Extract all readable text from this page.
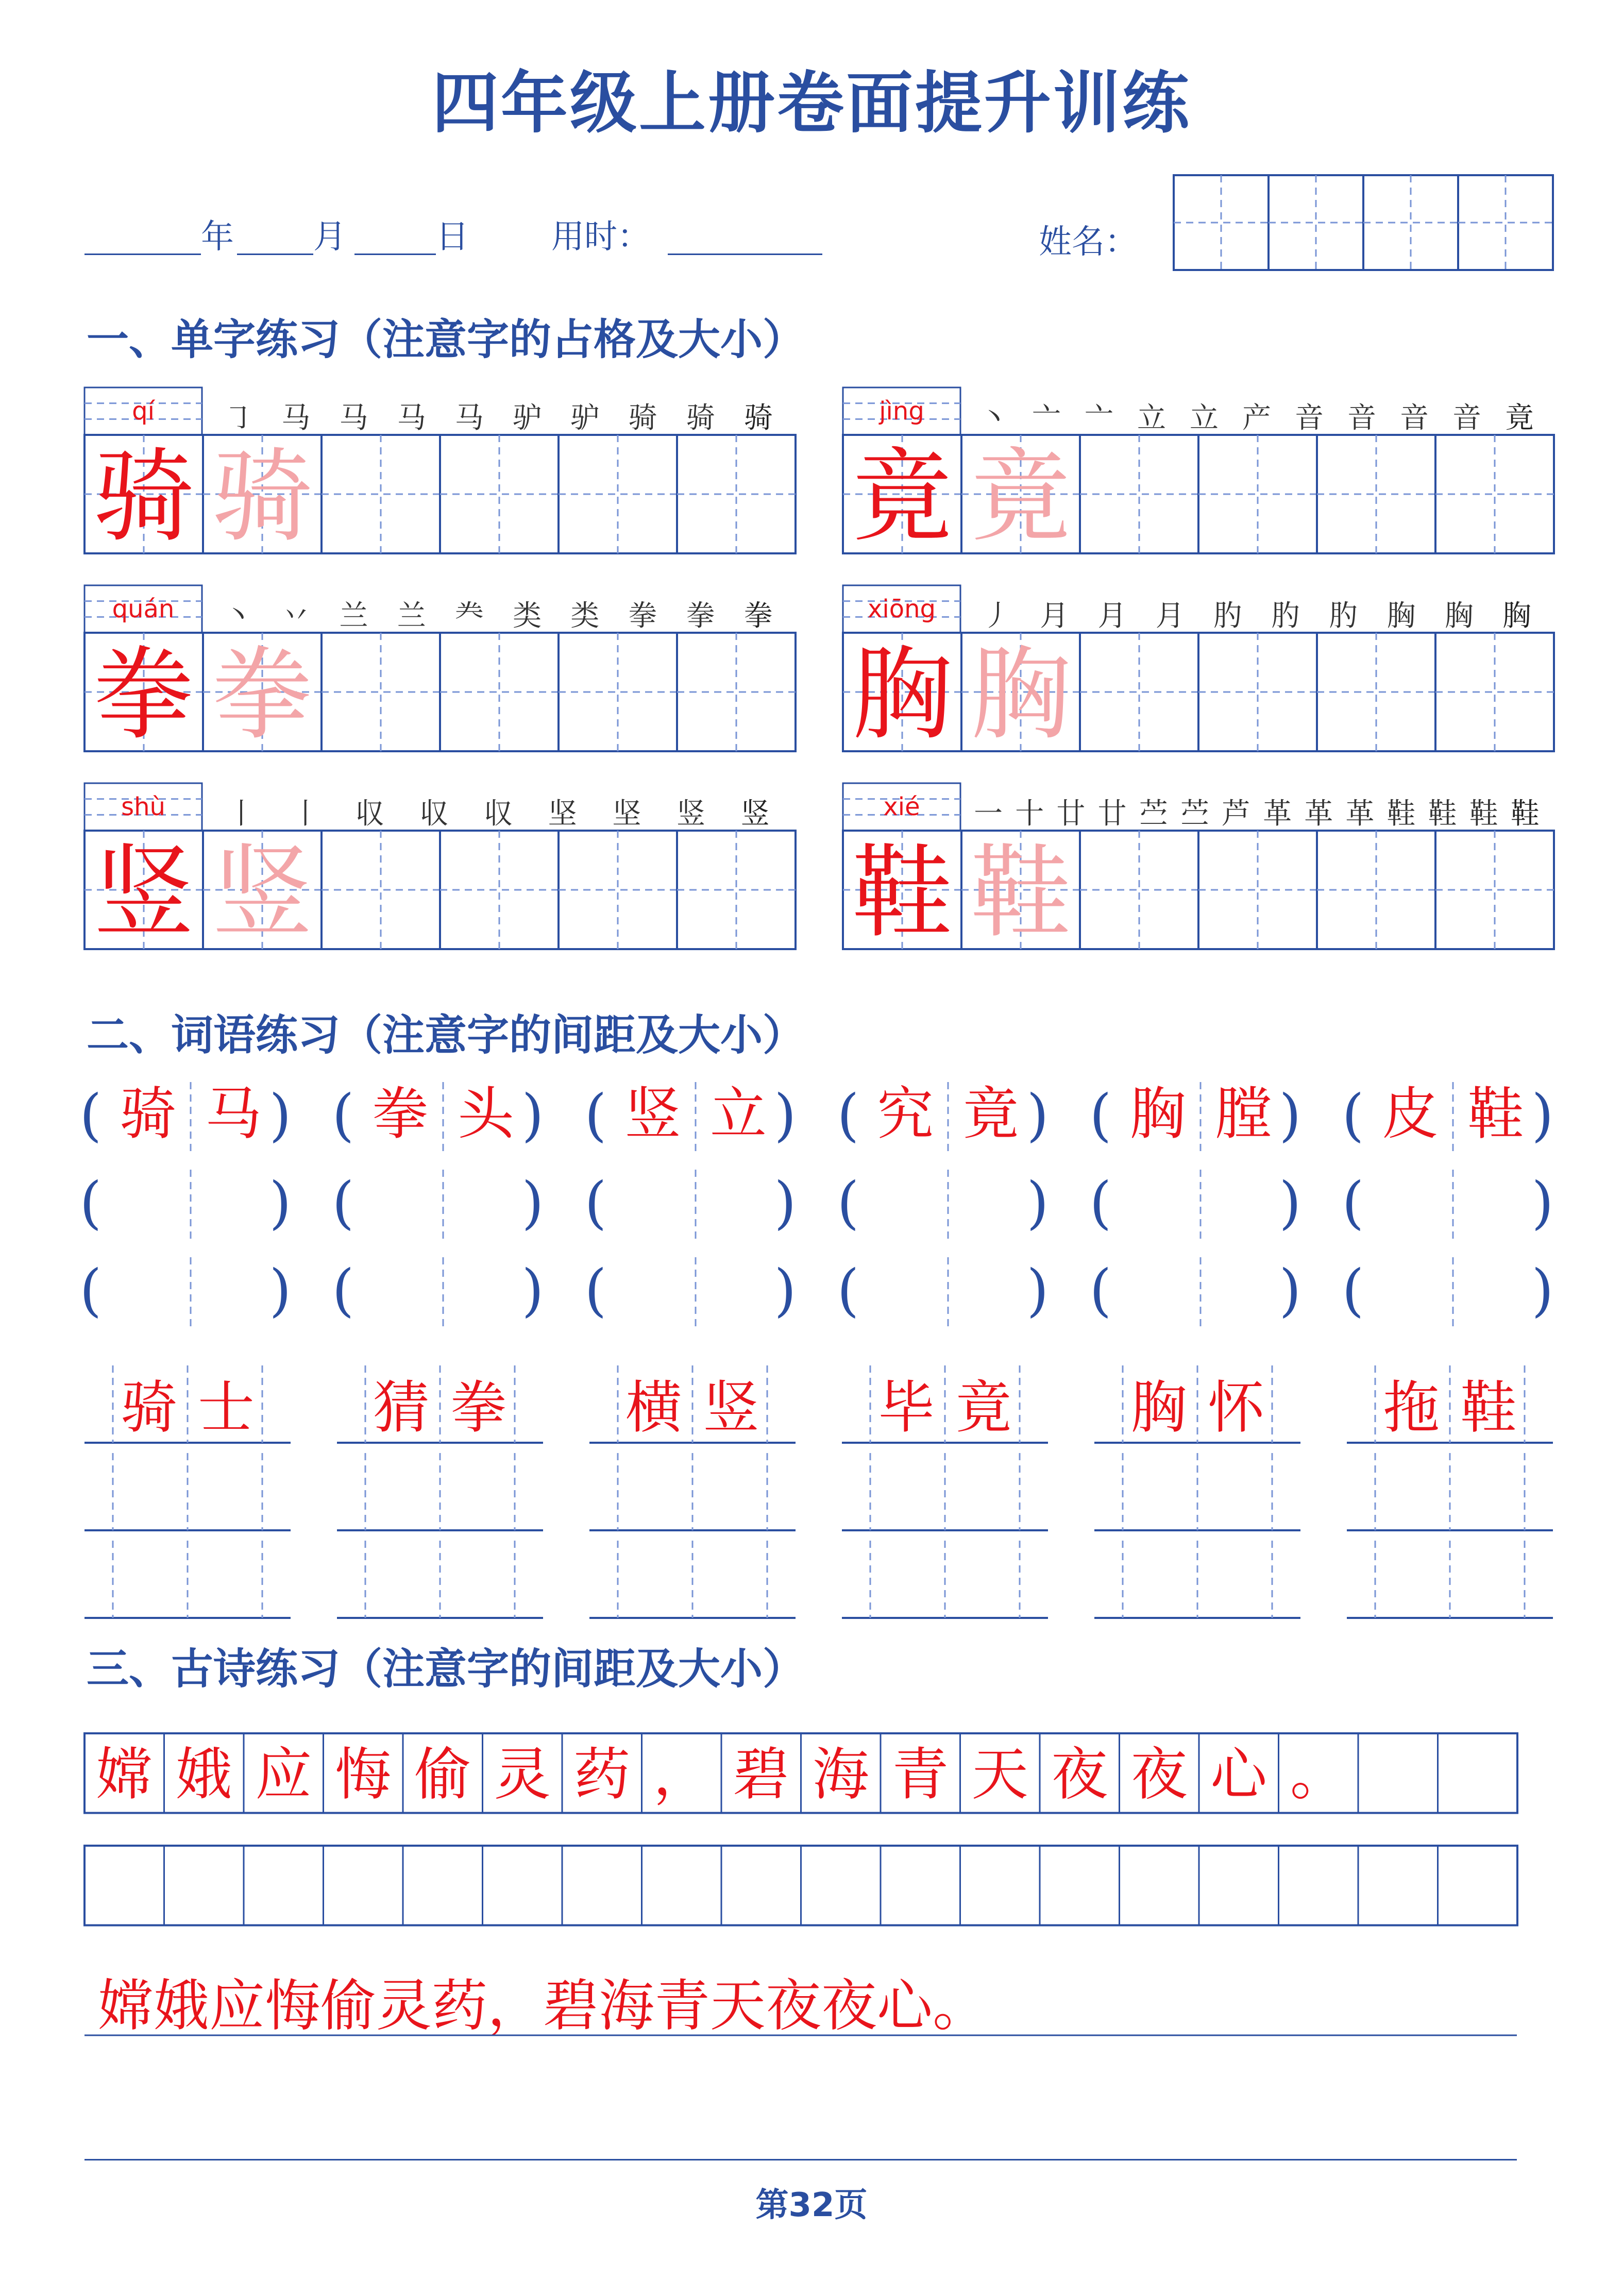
四年级上册卷面提升训练
年 月	日	用时：	姓名：
一、单字练习（注意字的占格及大小）
二、词语练习（注意字的间距及大小）
三、古诗练习（注意字的间距及大小）
qí ㇆ 马 马 马 马 驴 驴 骑 骑 骑
骑 骑
jìng 丶 亠 亠 立 立 产 音 音 音 音 竟
竟 竟
quán 丶 丷 兰 兰 龹 类 类 拳 拳 拳
拳 拳
xiōng 丿 月 月 月 肑 肑 肑 胸 胸 胸
胸 胸
shù 丨 丨 収 収 収 坚 坚 竖 竖
竖 竖
xié 一 十 廿 廿 苎 苎 芦 革 革 革 鞋 鞋 鞋 鞋
鞋 鞋
(	)
骑 马
(	)
(	)
(	)
拳 头
(	)
(	)
(	)
竖 立
(	)
(	)
(	)
究 竟
(	)
(	)
(	)
胸 膛
(	)
(	)
(	)
皮 鞋
(	)
(	)
骑 士 猜 拳 横 竖 毕 竟 胸 怀 拖 鞋
嫦 娥 应 悔 偷 灵 药 ， 碧 海 青 天 夜 夜 心 。
嫦娥应悔偷灵药，碧海青天夜夜心。
第32页
